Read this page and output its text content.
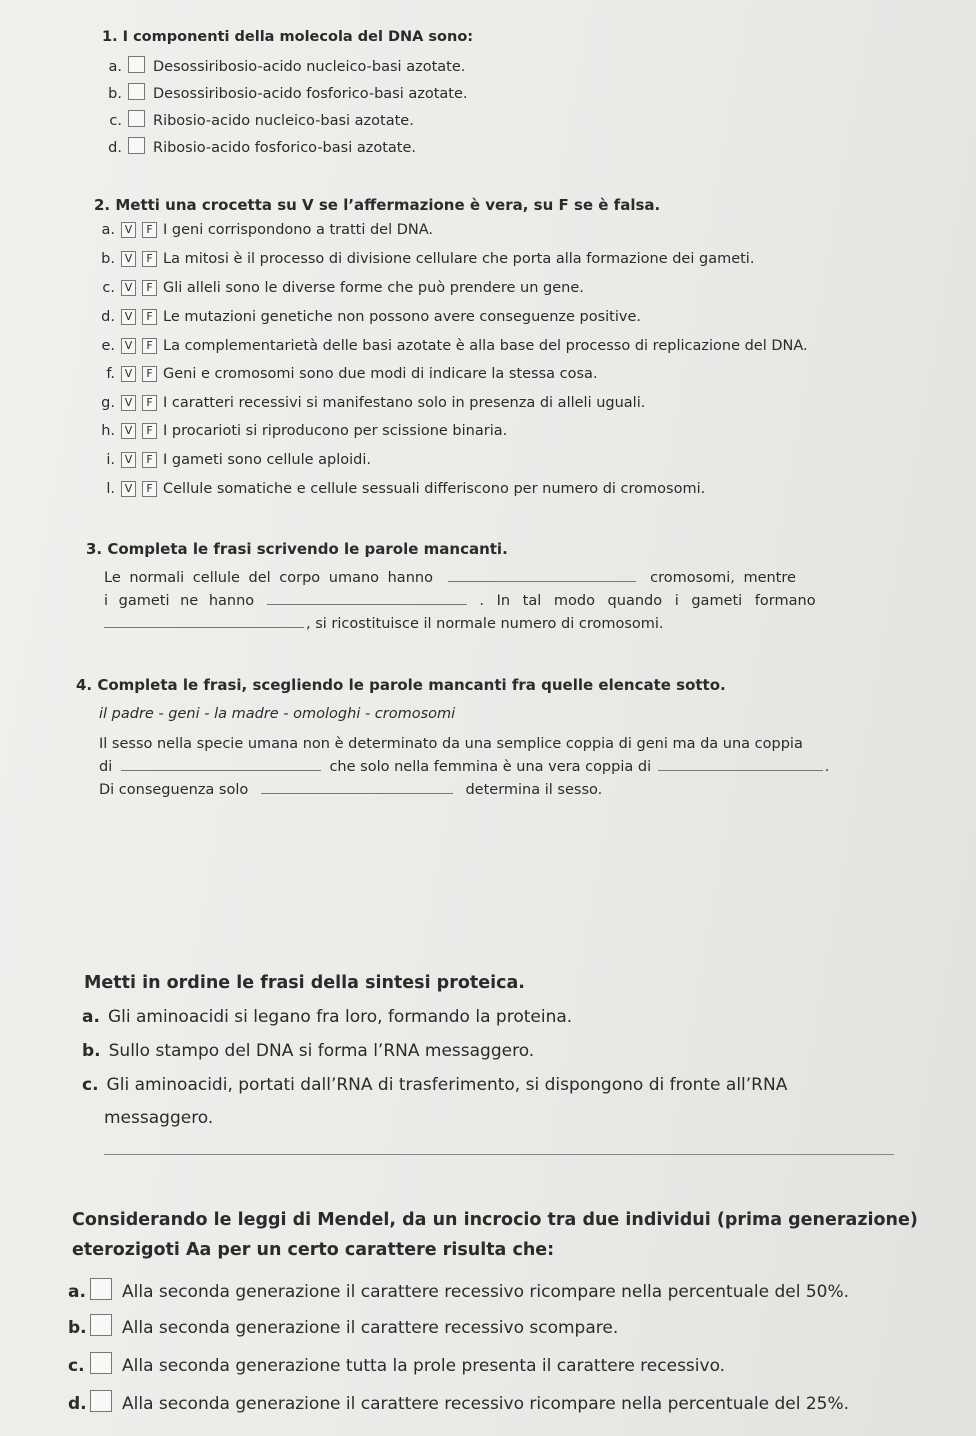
1. I componenti della molecola del DNA sono:
a. Desossiribosio-acido nucleico-basi azotate.
b. Desossiribosio-acido fosforico-basi azotate.
c. Ribosio-acido nucleico-basi azotate.
d. Ribosio-acido fosforico-basi azotate.
2. Metti una crocetta su V se l’affermazione è vera, su F se è falsa.
a. V F I geni corrispondono a tratti del DNA.
b. V F La mitosi è il processo di divisione cellulare che porta alla formazione dei gameti.
c. V F Gli alleli sono le diverse forme che può prendere un gene.
d. V F Le mutazioni genetiche non possono avere conseguenze positive.
e. V F La complementarietà delle basi azotate è alla base del processo di replicazione del DNA.
f. V F Geni e cromosomi sono due modi di indicare la stessa cosa.
g. V F I caratteri recessivi si manifestano solo in presenza di alleli uguali.
h. V F I procarioti si riproducono per scissione binaria.
i. V F I gameti sono cellule aploidi.
l. V F Cellule somatiche e cellule sessuali differiscono per numero di cromosomi.
3. Completa le frasi scrivendo le parole mancanti.
Le normali cellule del corpo umano hanno	cromosomi, mentre
i gameti ne hanno	. In tal modo quando i gameti formano
, si ricostituisce il normale numero di cromosomi.
4. Completa le frasi, scegliendo le parole mancanti fra quelle elencate sotto.
il padre - geni - la madre - omologhi - cromosomi
Il sesso nella specie umana non è determinato da una semplice coppia di geni ma da una coppia
di	che solo nella femmina è una vera coppia di	.
Di conseguenza solo	determina il sesso.
Metti in ordine le frasi della sintesi proteica.
a. Gli aminoacidi si legano fra loro, formando la proteina.
b. Sullo stampo del DNA si forma l’RNA messaggero.
c. Gli aminoacidi, portati dall’RNA di trasferimento, si dispongono di fronte all’RNA
messaggero.
Considerando le leggi di Mendel, da un incrocio tra due individui (prima generazione)
eterozigoti Aa per un certo carattere risulta che:
a. Alla seconda generazione il carattere recessivo ricompare nella percentuale del 50%.
b. Alla seconda generazione il carattere recessivo scompare.
c. Alla seconda generazione tutta la prole presenta il carattere recessivo.
d. Alla seconda generazione il carattere recessivo ricompare nella percentuale del 25%.
